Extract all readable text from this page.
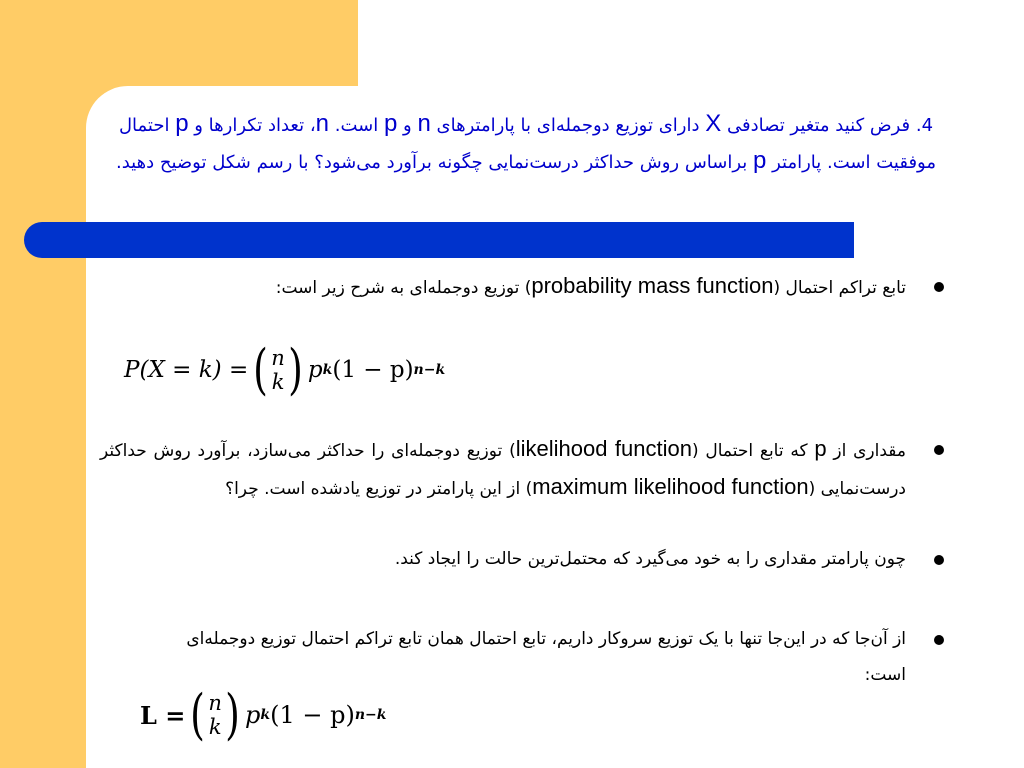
4. فرض کنید متغیر تصادفی X دارای توزیع دوجمله‌ای با پارامترهای n و p است. n، تعداد تکرارها و p احتمال موفقیت است. پارامتر p براساس روش حداکثر درست‌نمایی چگونه برآورد می‌شود؟ با رسم شکل توضیح دهید.
تابع تراکم احتمال (probability mass function) توزیع دوجمله‌ای به شرح زیر است:
مقداری از p که تابع احتمال (likelihood function) توزیع دوجمله‌ای را حداکثر می‌سازد، برآورد روش حداکثر درست‌نمایی (maximum likelihood function) از این پارامتر در توزیع یادشده است. چرا؟
چون پارامتر مقداری را به خود می‌گیرد که محتمل‌ترین حالت را ایجاد کند.
از آن‌جا که در این‌جا تنها با یک توزیع سروکار داریم، تابع احتمال همان تابع تراکم احتمال توزیع دوجمله‌ای است:
P(X = k) = ( n
k ) p k (1 − p) n−k
L = ( n
k ) p k (1 − p) n−k
